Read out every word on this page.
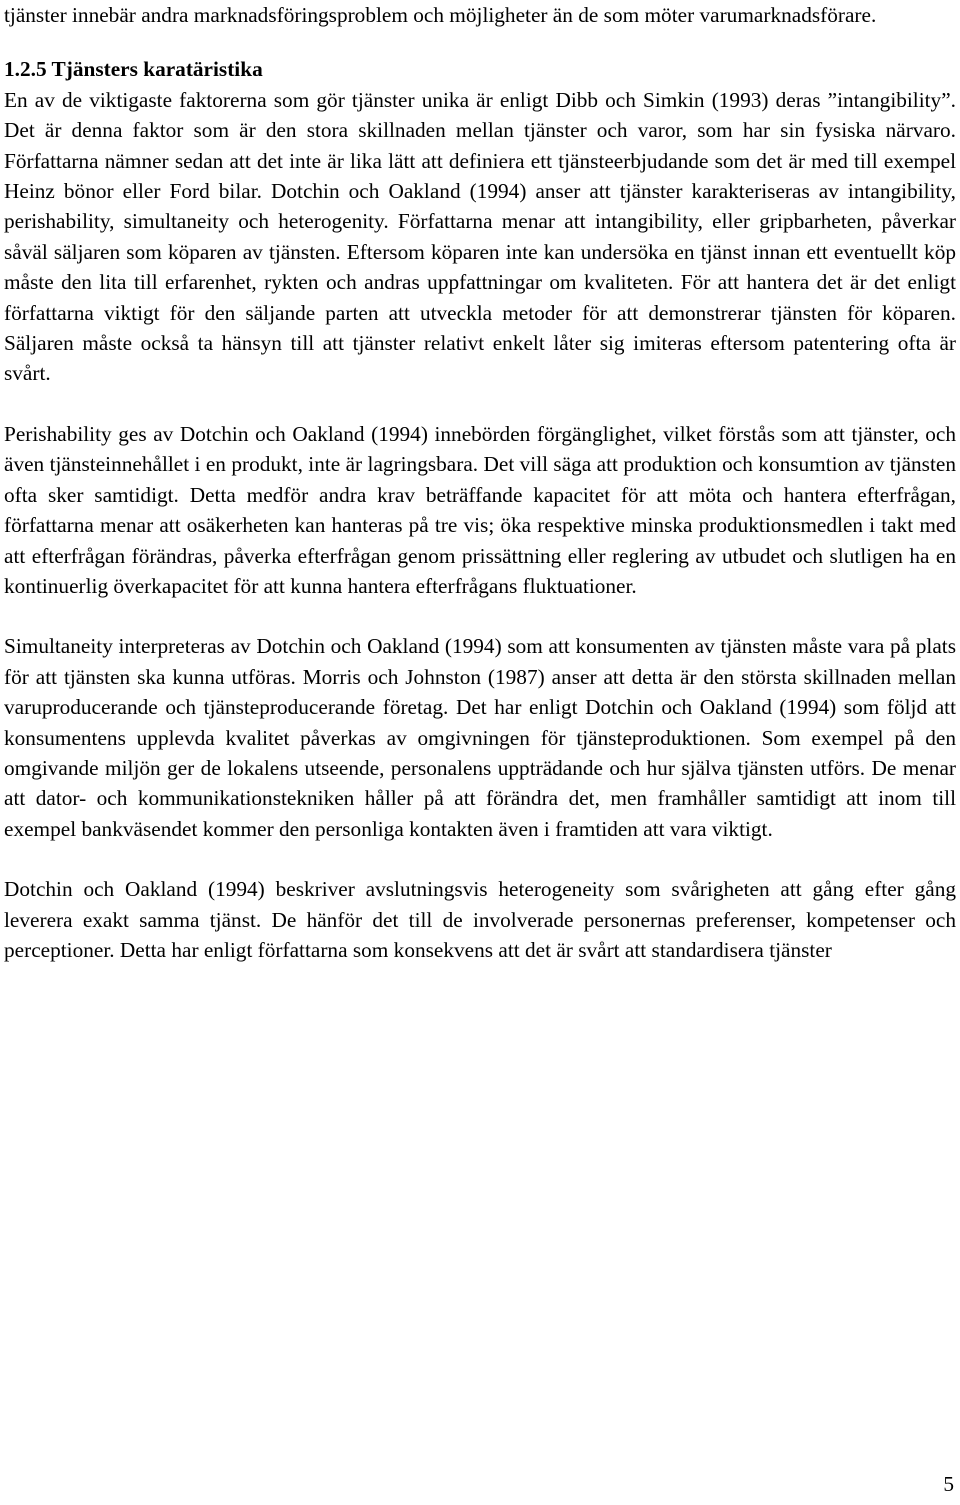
tjänster innebär andra marknadsföringsproblem och möjligheter än de som möter varumarknadsförare.

1.2.5 Tjänsters karatäristika

En av de viktigaste faktorerna som gör tjänster unika är enligt Dibb och Simkin (1993) deras ”intangibility”. Det är denna faktor som är den stora skillnaden mellan tjänster och varor, som har sin fysiska närvaro. Författarna nämner sedan att det inte är lika lätt att definiera ett tjänsteerbjudande som det är med till exempel Heinz bönor eller Ford bilar. Dotchin och Oakland (1994) anser att tjänster karakteriseras av intangibility, perishability, simultaneity och heterogenity. Författarna menar att intangibility, eller gripbarheten, påverkar såväl säljaren som köparen av tjänsten. Eftersom köparen inte kan undersöka en tjänst innan ett eventuellt köp måste den lita till erfarenhet, rykten och andras uppfattningar om kvaliteten. För att hantera det är det enligt författarna viktigt för den säljande parten att utveckla metoder för att demonstrerar tjänsten för köparen. Säljaren måste också ta hänsyn till att tjänster relativt enkelt låter sig imiteras eftersom patentering ofta är svårt.

Perishability ges av Dotchin och Oakland (1994) innebörden förgänglighet, vilket förstås som att tjänster, och även tjänsteinnehållet i en produkt, inte är lagringsbara. Det vill säga att produktion och konsumtion av tjänsten ofta sker samtidigt. Detta medför andra krav beträffande kapacitet för att möta och hantera efterfrågan, författarna menar att osäkerheten kan hanteras på tre vis; öka respektive minska produktionsmedlen i takt med att efterfrågan förändras, påverka efterfrågan genom prissättning eller reglering av utbudet och slutligen ha en kontinuerlig överkapacitet för att kunna hantera efterfrågans fluktuationer.

Simultaneity interpreteras av Dotchin och Oakland (1994) som att konsumenten av tjänsten måste vara på plats för att tjänsten ska kunna utföras. Morris och Johnston (1987) anser att detta är den största skillnaden mellan varuproducerande och tjänsteproducerande företag. Det har enligt Dotchin och Oakland (1994) som följd att konsumentens upplevda kvalitet påverkas av omgivningen för tjänsteproduktionen. Som exempel på den omgivande miljön ger de lokalens utseende, personalens uppträdande och hur själva tjänsten utförs. De menar att dator- och kommunikationstekniken håller på att förändra det, men framhåller samtidigt att inom till exempel bankväsendet kommer den personliga kontakten även i framtiden att vara viktigt.

Dotchin och Oakland (1994) beskriver avslutningsvis heterogeneity som svårigheten att gång efter gång leverera exakt samma tjänst. De hänför det till de involverade personernas preferenser, kompetenser och perceptioner. Detta har enligt författarna som konsekvens att det är svårt att standardisera tjänster

5
